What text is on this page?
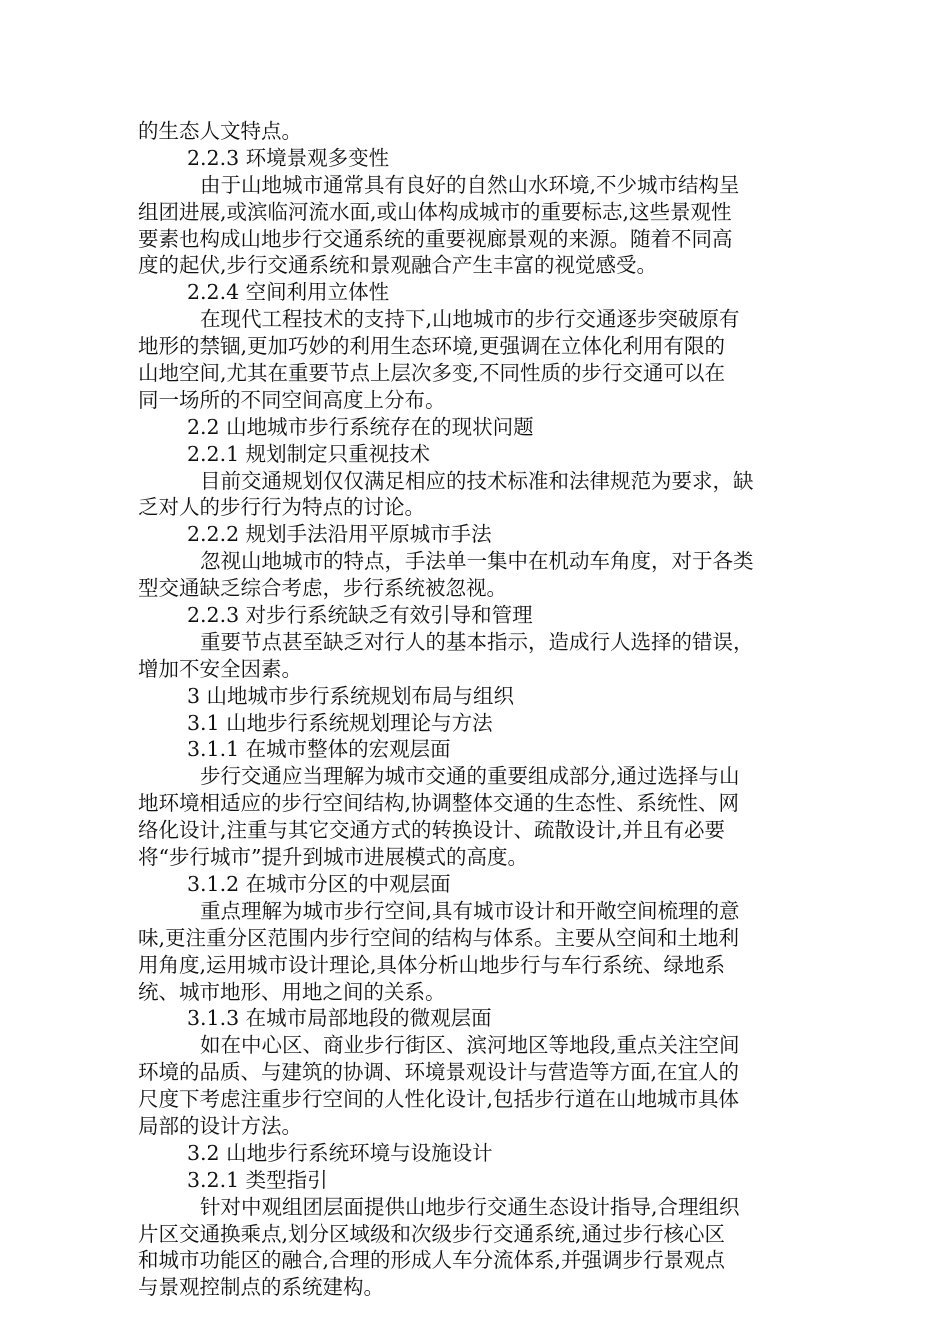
的生态人文特点。
2.2.3 环境景观多变性
由于山地城市通常具有良好的自然山水环境,不少城市结构呈
组团进展,或滨临河流水面,或山体构成城市的重要标志,这些景观性
要素也构成山地步行交通系统的重要视廊景观的来源。随着不同高
度的起伏,步行交通系统和景观融合产生丰富的视觉感受。
2.2.4 空间利用立体性
在现代工程技术的支持下,山地城市的步行交通逐步突破原有
地形的禁锢,更加巧妙的利用生态环境,更强调在立体化利用有限的
山地空间,尤其在重要节点上层次多变,不同性质的步行交通可以在
同一场所的不同空间高度上分布。
2.2 山地城市步行系统存在的现状问题
2.2.1 规划制定只重视技术
目前交通规划仅仅满足相应的技术标准和法律规范为要求，缺
乏对人的步行行为特点的讨论。
2.2.2 规划手法沿用平原城市手法
忽视山地城市的特点，手法单一集中在机动车角度，对于各类
型交通缺乏综合考虑，步行系统被忽视。
2.2.3 对步行系统缺乏有效引导和管理
重要节点甚至缺乏对行人的基本指示，造成行人选择的错误，
增加不安全因素。
3 山地城市步行系统规划布局与组织
3.1 山地步行系统规划理论与方法
3.1.1 在城市整体的宏观层面
步行交通应当理解为城市交通的重要组成部分,通过选择与山
地环境相适应的步行空间结构,协调整体交通的生态性、系统性、网
络化设计,注重与其它交通方式的转换设计、疏散设计,并且有必要
将“步行城市”提升到城市进展模式的高度。
3.1.2 在城市分区的中观层面
重点理解为城市步行空间,具有城市设计和开敞空间梳理的意
味,更注重分区范围内步行空间的结构与体系。主要从空间和土地利
用角度,运用城市设计理论,具体分析山地步行与车行系统、绿地系
统、城市地形、用地之间的关系。
3.1.3 在城市局部地段的微观层面
如在中心区、商业步行街区、滨河地区等地段,重点关注空间
环境的品质、与建筑的协调、环境景观设计与营造等方面,在宜人的
尺度下考虑注重步行空间的人性化设计,包括步行道在山地城市具体
局部的设计方法。
3.2 山地步行系统环境与设施设计
3.2.1 类型指引
针对中观组团层面提供山地步行交通生态设计指导,合理组织
片区交通换乘点,划分区域级和次级步行交通系统,通过步行核心区
和城市功能区的融合,合理的形成人车分流体系,并强调步行景观点
与景观控制点的系统建构。
